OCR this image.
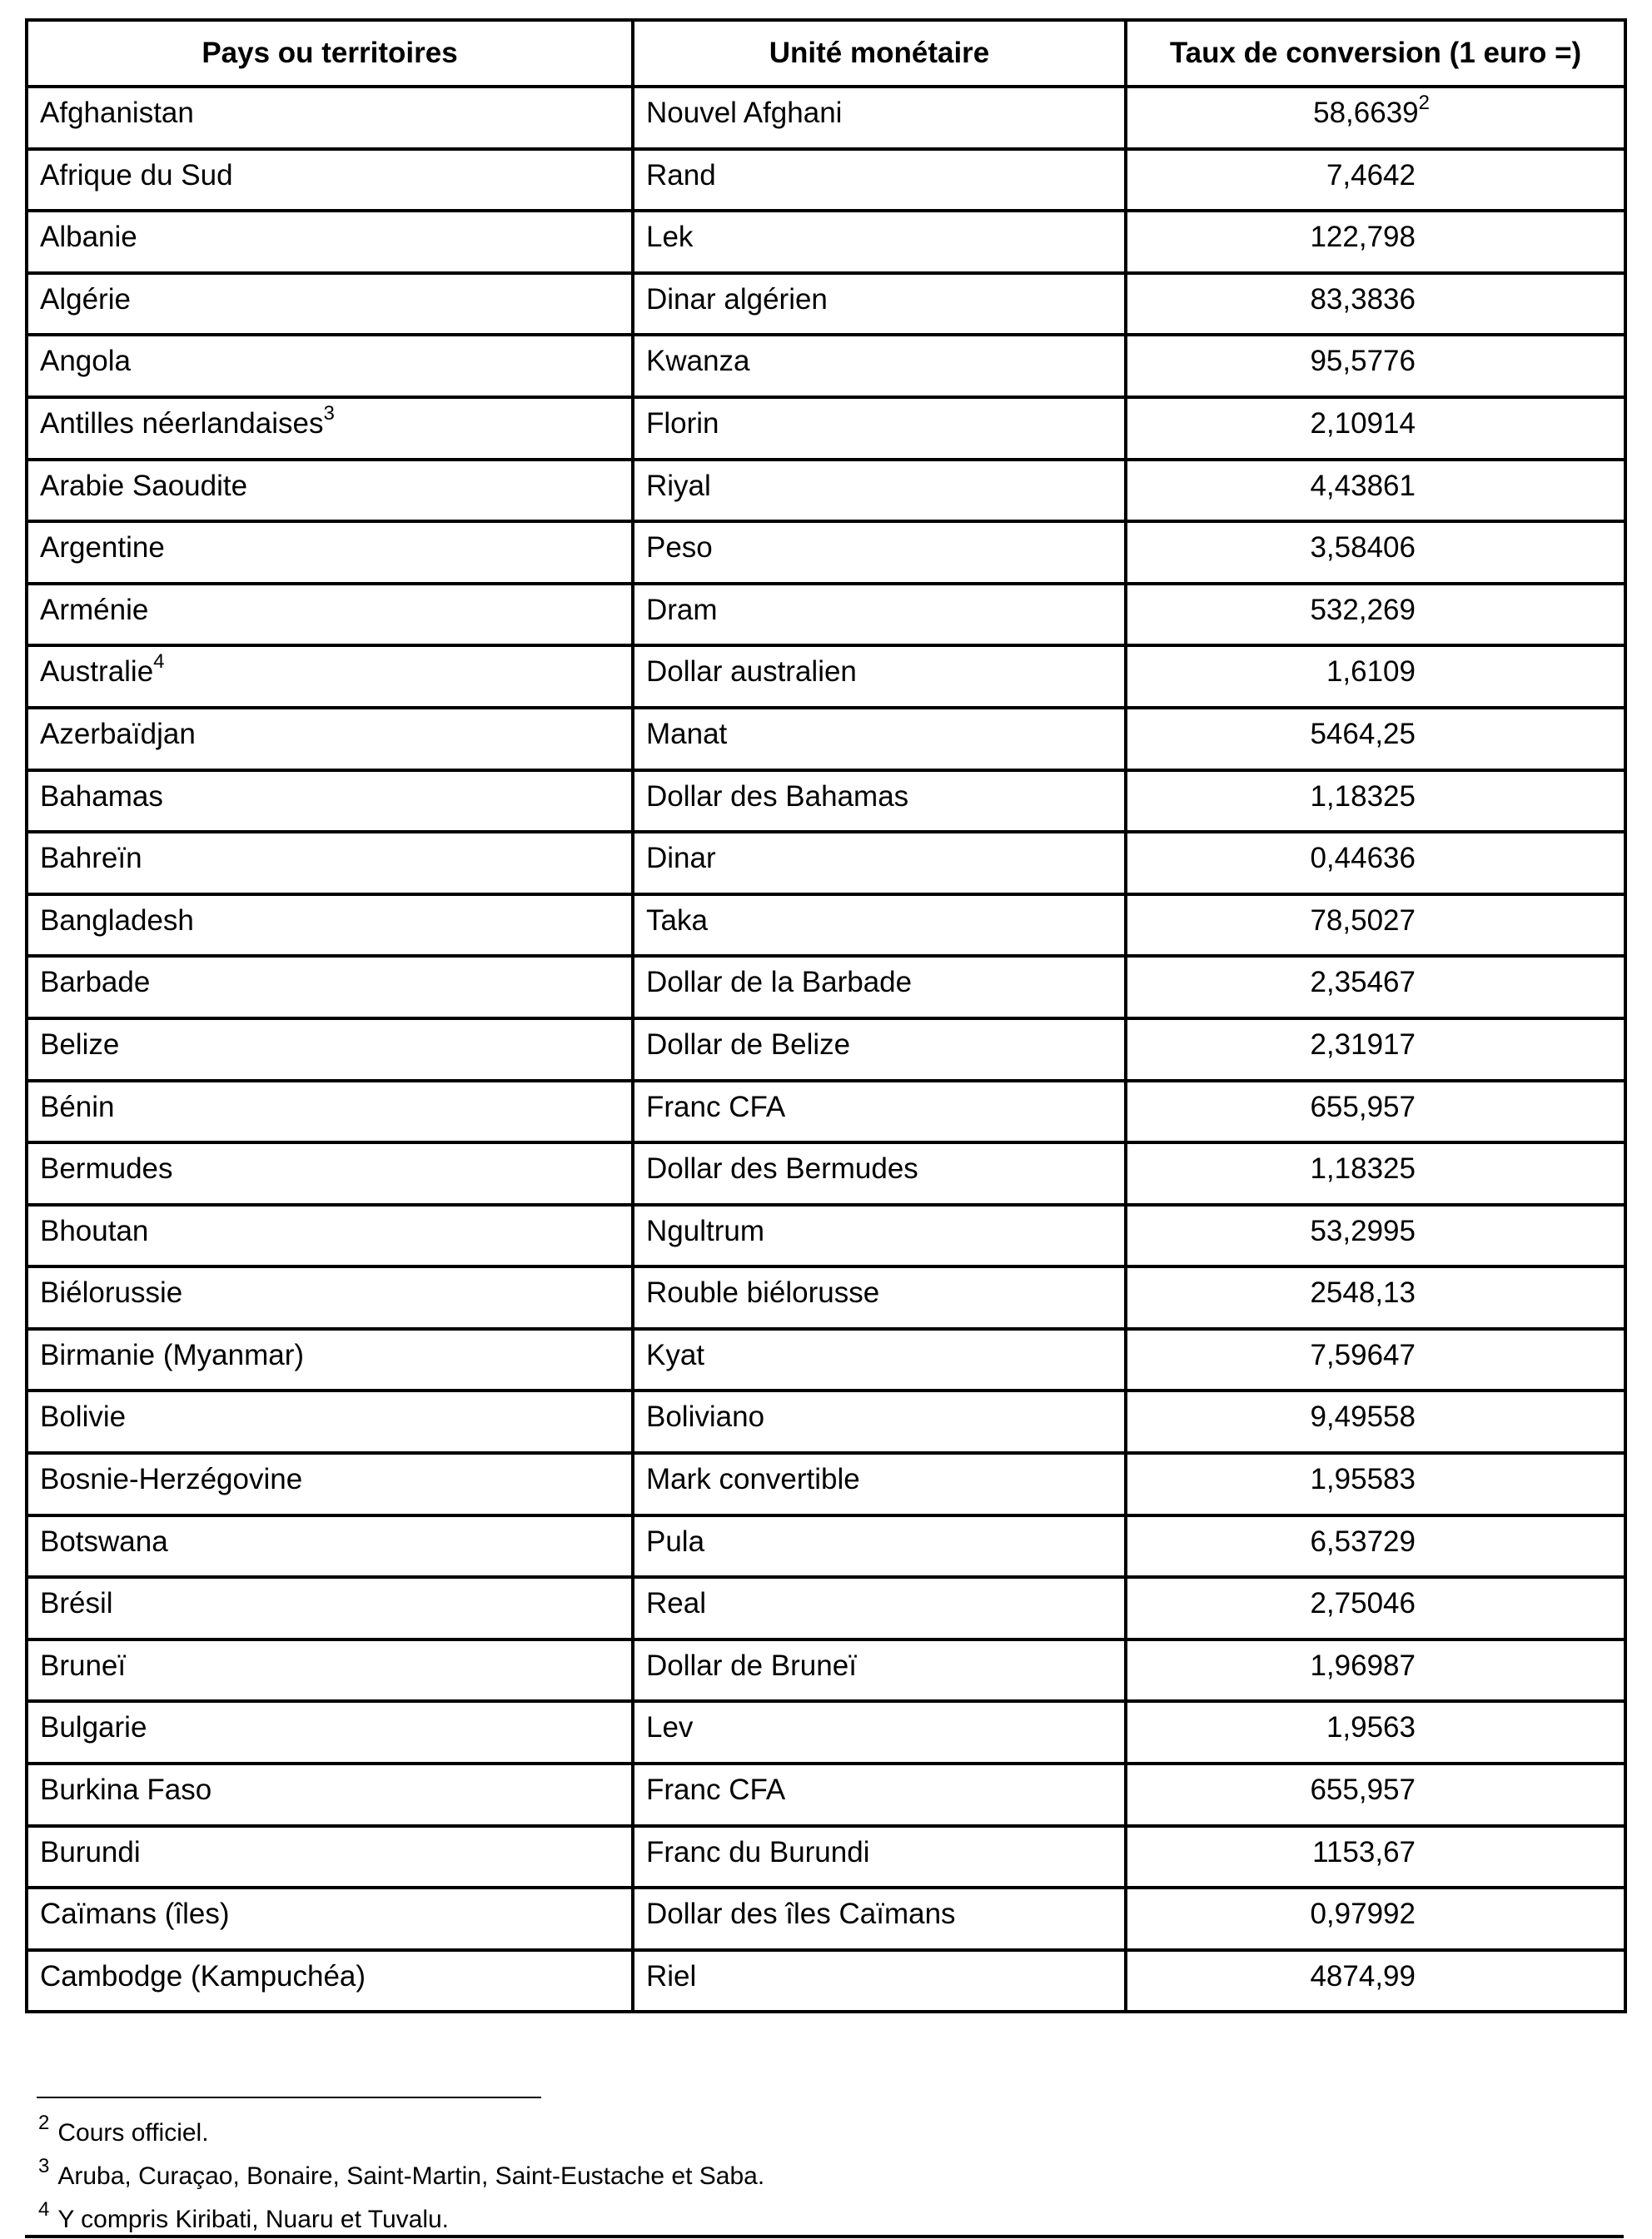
Pays ou territoires	Unité monétaire	Taux de conversion (1 euro =)
Afghanistan	Nouvel Afghani	58,6639$^2$
Afrique du Sud	Rand	7,4642
Albanie	Lek	122,798
Algérie	Dinar algérien	83,3836
Angola	Kwanza	95,5776
Antilles néerlandaises$^3$	Florin	2,10914
Arabie Saoudite	Riyal	4,43861
Argentine	Peso	3,58406
Arménie	Dram	532,269
Australie$^4$	Dollar australien	1,6109
Azerbaïdjan	Manat	5464,25
Bahamas	Dollar des Bahamas	1,18325
Bahreïn	Dinar	0,44636
Bangladesh	Taka	78,5027
Barbade	Dollar de la Barbade	2,35467
Belize	Dollar de Belize	2,31917
Bénin	Franc CFA	655,957
Bermudes	Dollar des Bermudes	1,18325
Bhoutan	Ngultrum	53,2995
Biélorussie	Rouble biélorusse	2548,13
Birmanie (Myanmar)	Kyat	7,59647
Bolivie	Boliviano	9,49558
Bosnie-Herzégovine	Mark convertible	1,95583
Botswana	Pula	6,53729
Brésil	Real	2,75046
Bruneï	Dollar de Bruneï	1,96987
Bulgarie	Lev	1,9563
Burkina Faso	Franc CFA	655,957
Burundi	Franc du Burundi	1153,67
Caïmans (îles)	Dollar des îles Caïmans	0,97992
Cambodge (Kampuchéa)	Riel	4874,99
$^2$ Cours officiel.
$^3$ Aruba, Curaçao, Bonaire, Saint-Martin, Saint-Eustache et Saba.
$^4$ Y compris Kiribati, Nuaru et Tuvalu.
